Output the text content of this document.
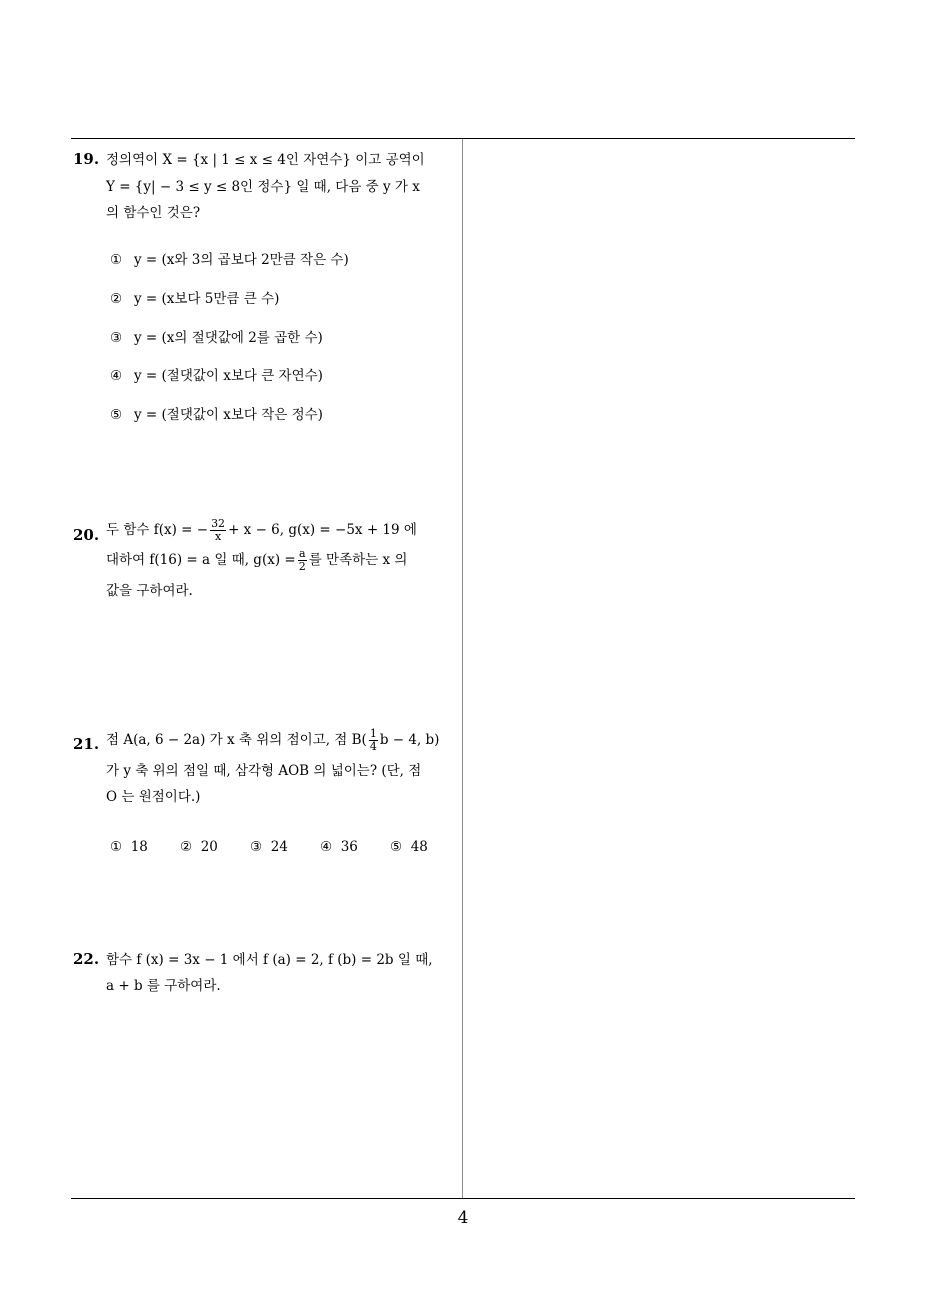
19. 정의역이 X = {x | 1 ≤ x ≤ 4인 자연수} 이고 공역이
Y = {y| − 3 ≤ y ≤ 8인 정수} 일 때, 다음 중 y 가 x
의 함수인 것은?
① y = (x와 3의 곱보다 2만큼 작은 수)
② y = (x보다 5만큼 큰 수)
③ y = (x의 절댓값에 2를 곱한 수)
④ y = (절댓값이 x보다 큰 자연수)
⑤ y = (절댓값이 x보다 작은 정수)
20. 두 함수 f(x) = − $\frac{32}{x} + x - 6$, g(x) = −5x + 19 에
대하여 f(16) = a 일 때, $g(x) = \frac{a}{2}$ 를 만족하는 x 의
값을 구하여라.
21. 점 A(a, 6 − 2a) 가 x 축 위의 점이고, 점 $B( \frac{1}{4}$ b − 4, b)
가 y 축 위의 점일 때, 삼각형 AOB 의 넓이는? (단, 점
O 는 원점이다.)
① 18 ② 20 ③ 24 ④ 36 ⑤ 48
22. 함수 f (x) = 3x − 1 에서 f (a) = 2, f (b) = 2b 일 때,
a + b 를 구하여라.
4
